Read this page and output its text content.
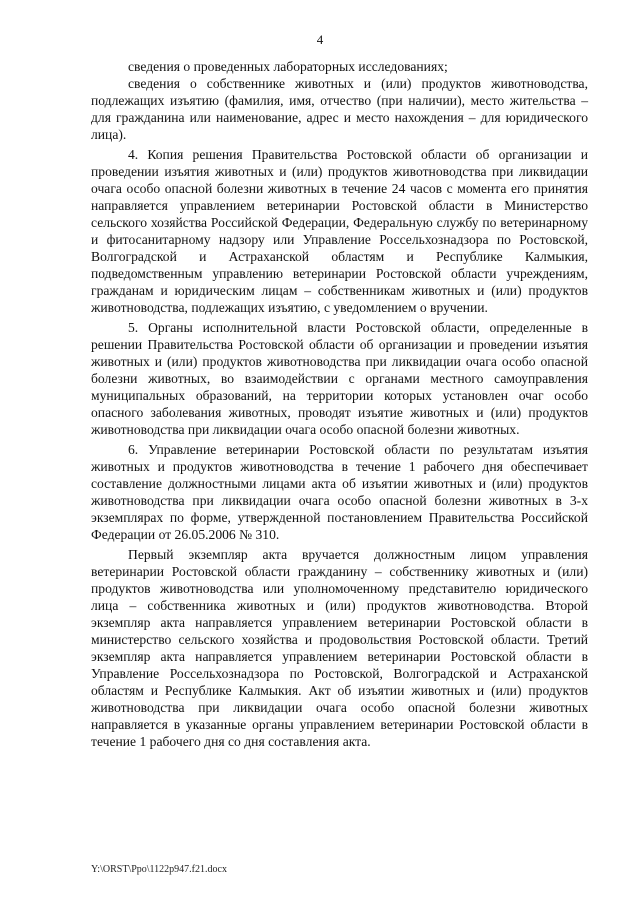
4

сведения о проведенных лабораторных исследованиях;

сведения о собственнике животных и (или) продуктов животноводства, подлежащих изъятию (фамилия, имя, отчество (при наличии), место жительства – для гражданина или наименование, адрес и место нахождения – для юридического лица).

4. Копия решения Правительства Ростовской области об организации и проведении изъятия животных и (или) продуктов животноводства при ликвидации очага особо опасной болезни животных в течение 24 часов с момента его принятия направляется управлением ветеринарии Ростовской области в Министерство сельского хозяйства Российской Федерации, Федеральную службу по ветеринарному и фитосанитарному надзору или Управление Россельхознадзора по Ростовской, Волгоградской и Астраханской областям и Республике Калмыкия, подведомственным управлению ветеринарии Ростовской области учреждениям, гражданам и юридическим лицам – собственникам животных и (или) продуктов животноводства, подлежащих изъятию, с уведомлением о вручении.

5. Органы исполнительной власти Ростовской области, определенные в решении Правительства Ростовской области об организации и проведении изъятия животных и (или) продуктов животноводства при ликвидации очага особо опасной болезни животных, во взаимодействии с органами местного самоуправления муниципальных образований, на территории которых установлен очаг особо опасного заболевания животных, проводят изъятие животных и (или) продуктов животноводства при ликвидации очага особо опасной болезни животных.

6. Управление ветеринарии Ростовской области по результатам изъятия животных и продуктов животноводства в течение 1 рабочего дня обеспечивает составление должностными лицами акта об изъятии животных и (или) продуктов животноводства при ликвидации очага особо опасной болезни животных в 3-х экземплярах по форме, утвержденной постановлением Правительства Российской Федерации от 26.05.2006 № 310.

Первый экземпляр акта вручается должностным лицом управления ветеринарии Ростовской области гражданину – собственнику животных и (или) продуктов животноводства или уполномоченному представителю юридического лица – собственника животных и (или) продуктов животноводства. Второй экземпляр акта направляется управлением ветеринарии Ростовской области в министерство сельского хозяйства и продовольствия Ростовской области. Третий экземпляр акта направляется управлением ветеринарии Ростовской области в Управление Россельхознадзора по Ростовской, Волгоградской и Астраханской областям и Республике Калмыкия. Акт об изъятии животных и (или) продуктов животноводства при ликвидации очага особо опасной болезни животных направляется в указанные органы управлением ветеринарии Ростовской области в течение 1 рабочего дня со дня составления акта.

Y:\ORST\Ppo\1122p947.f21.docx
